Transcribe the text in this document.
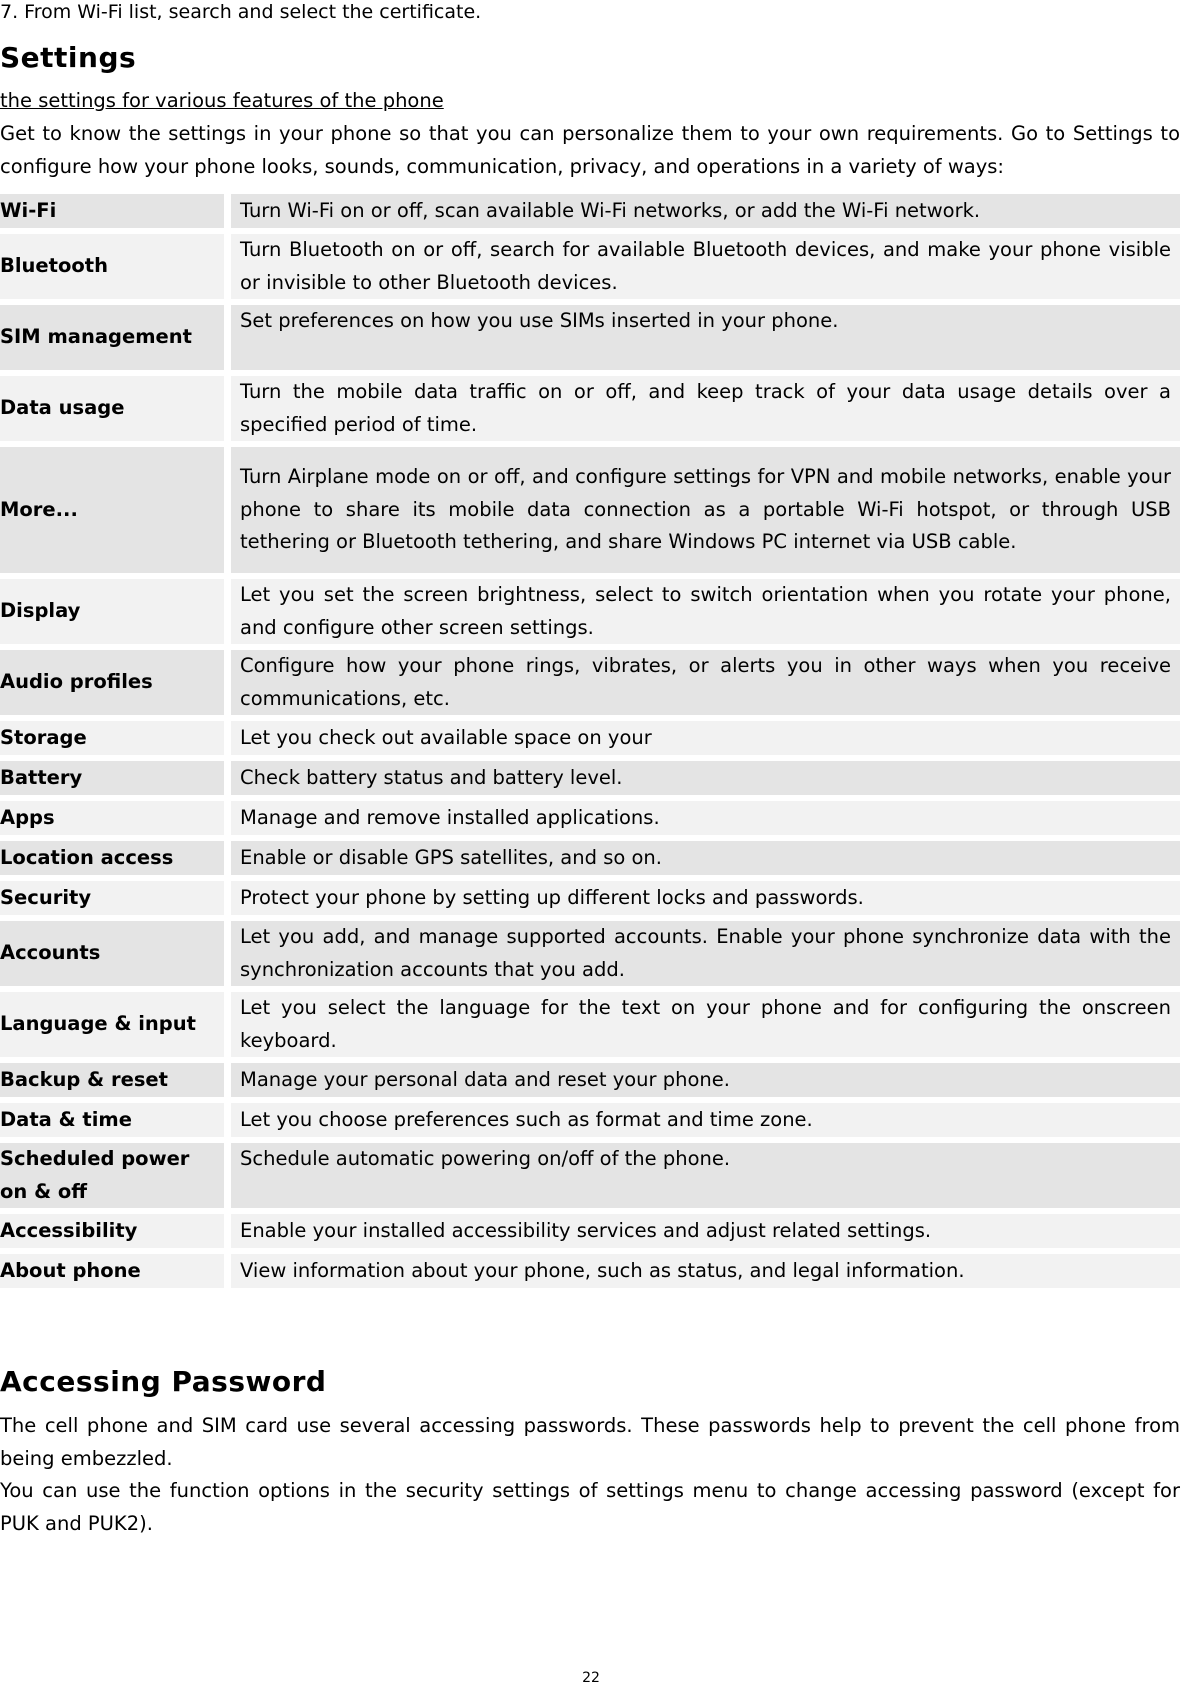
7. From Wi-Fi list, search and select the certificate.

Settings
the settings for various features of the phone

Get to know the settings in your phone so that you can personalize them to your own requirements. Go to Settings to configure how your phone looks, sounds, communication, privacy, and operations in a variety of ways:

Wi-Fi		Turn Wi-Fi on or off, scan available Wi-Fi networks, or add the Wi-Fi network.
Bluetooth		Turn Bluetooth on or off, search for available Bluetooth devices, and make your phone visible or invisible to other Bluetooth devices.
SIM management		Set preferences on how you use SIMs inserted in your phone.
Data usage		Turn the mobile data traffic on or off, and keep track of your data usage details over a specified period of time.
More...		Turn Airplane mode on or off, and configure settings for VPN and mobile networks, enable your phone to share its mobile data connection as a portable Wi-Fi hotspot, or through USB tethering or Bluetooth tethering, and share Windows PC internet via USB cable.
Display		Let you set the screen brightness, select to switch orientation when you rotate your phone, and configure other screen settings.
Audio profiles		Configure how your phone rings, vibrates, or alerts you in other ways when you receive communications, etc.
Storage		Let you check out available space on your
Battery		Check battery status and battery level.
Apps		Manage and remove installed applications.
Location access		Enable or disable GPS satellites, and so on.
Security		Protect your phone by setting up different locks and passwords.
Accounts		Let you add, and manage supported accounts. Enable your phone synchronize data with the synchronization accounts that you add.
Language & input		Let you select the language for the text on your phone and for configuring the onscreen keyboard.
Backup & reset		Manage your personal data and reset your phone.
Data & time		Let you choose preferences such as format and time zone.
Scheduled power on & off		Schedule automatic powering on/off of the phone.
Accessibility		Enable your installed accessibility services and adjust related settings.
About phone		View information about your phone, such as status, and legal information.
Accessing Password

The cell phone and SIM card use several accessing passwords. These passwords help to prevent the cell phone from being embezzled.

You can use the function options in the security settings of settings menu to change accessing password (except for PUK and PUK2).

22
